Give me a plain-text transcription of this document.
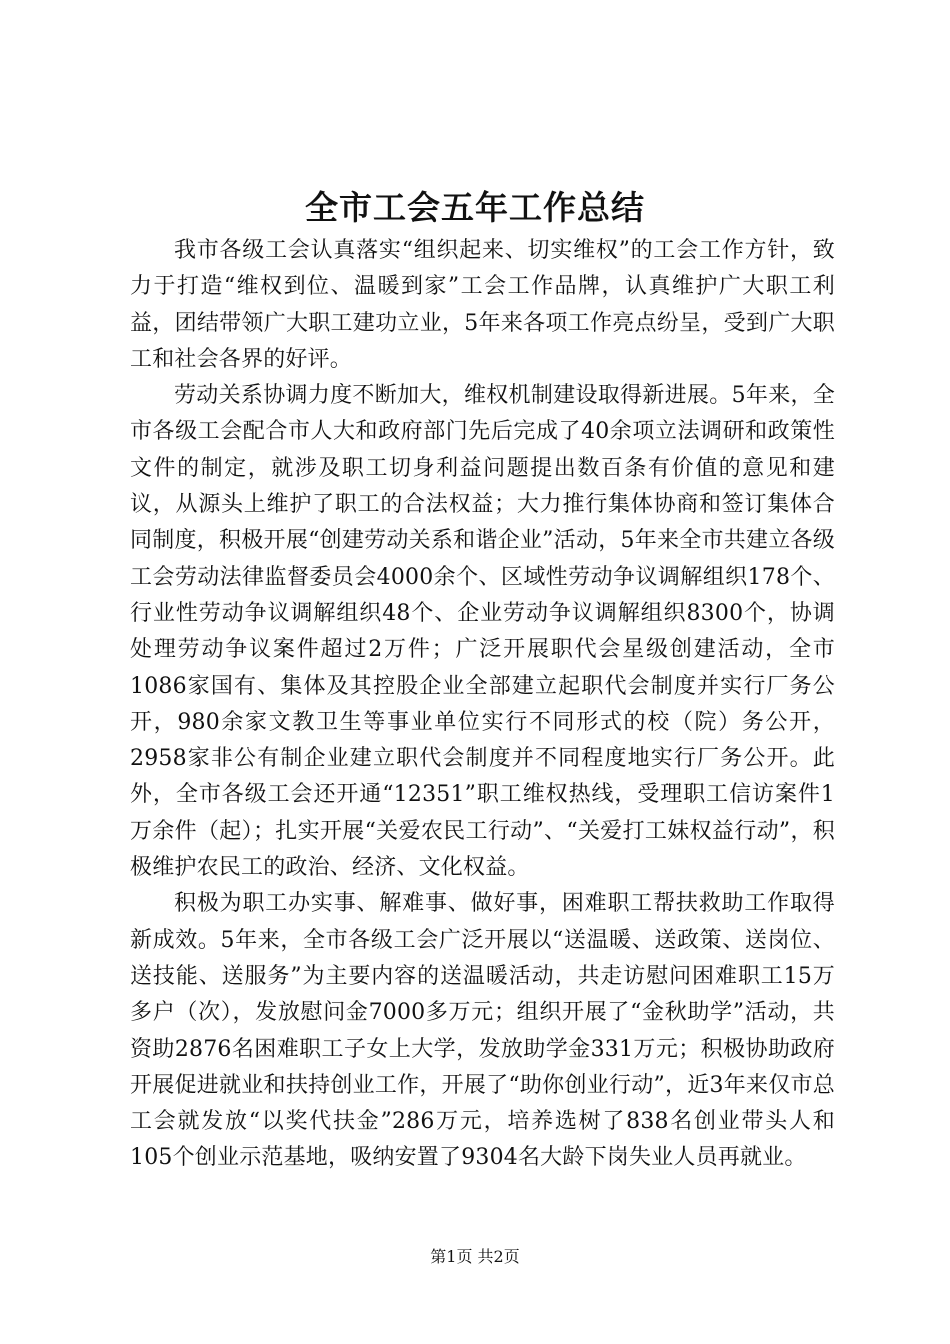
全市工会五年工作总结

我市各级工会认真落实“组织起来、切实维权”的工会工作方针，致力于打造“维权到位、温暖到家”工会工作品牌，认真维护广大职工利益，团结带领广大职工建功立业，5年来各项工作亮点纷呈，受到广大职工和社会各界的好评。

劳动关系协调力度不断加大，维权机制建设取得新进展。5年来，全市各级工会配合市人大和政府部门先后完成了40余项立法调研和政策性文件的制定，就涉及职工切身利益问题提出数百条有价值的意见和建议，从源头上维护了职工的合法权益；大力推行集体协商和签订集体合同制度，积极开展“创建劳动关系和谐企业”活动，5年来全市共建立各级工会劳动法律监督委员会4000余个、区域性劳动争议调解组织178个、行业性劳动争议调解组织48个、企业劳动争议调解组织8300个，协调处理劳动争议案件超过2万件；广泛开展职代会星级创建活动，全市1086家国有、集体及其控股企业全部建立起职代会制度并实行厂务公开，980余家文教卫生等事业单位实行不同形式的校（院）务公开，2958家非公有制企业建立职代会制度并不同程度地实行厂务公开。此外，全市各级工会还开通“12351”职工维权热线，受理职工信访案件1万余件（起）；扎实开展“关爱农民工行动”、“关爱打工妹权益行动”，积极维护农民工的政治、经济、文化权益。

积极为职工办实事、解难事、做好事，困难职工帮扶救助工作取得新成效。5年来，全市各级工会广泛开展以“送温暖、送政策、送岗位、送技能、送服务”为主要内容的送温暖活动，共走访慰问困难职工15万多户（次），发放慰问金7000多万元；组织开展了“金秋助学”活动，共资助2876名困难职工子女上大学，发放助学金331万元；积极协助政府开展促进就业和扶持创业工作，开展了“助你创业行动”，近3年来仅市总工会就发放“以奖代扶金”286万元，培养选树了838名创业带头人和105个创业示范基地，吸纳安置了9304名大龄下岗失业人员再就业。

第1页 共2页
